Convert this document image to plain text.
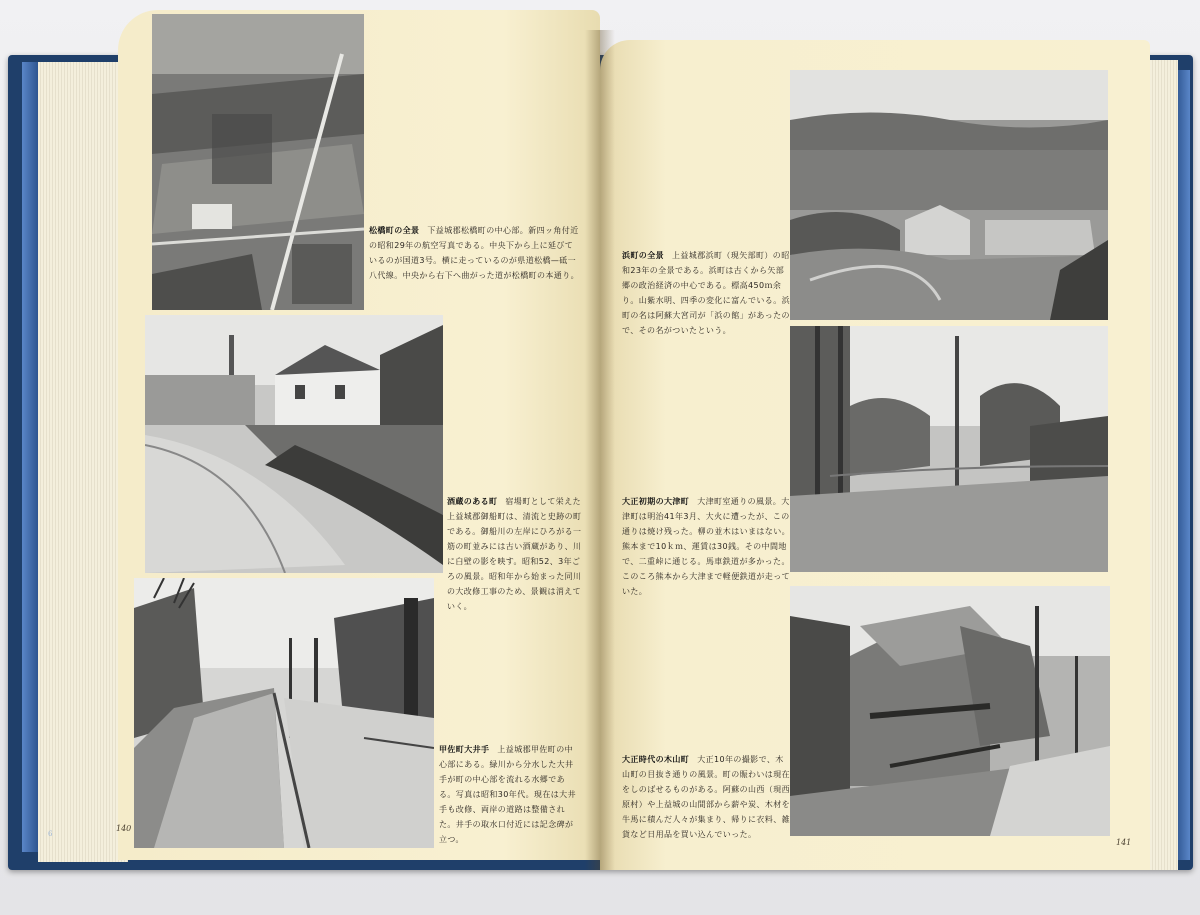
松橋町の全景 下益城郡松橋町の中心部。新四ッ角付近の昭和29年の航空写真である。中央下から上に延びているのが国道3号。横に走っているのが県道松橋—砥一八代線。中央から右下へ曲がった道が松橋町の本通り。
酒蔵のある町 宿場町として栄えた上益城郡御船町は、清流と史跡の町である。御船川の左岸にひろがる一筋の町並みには古い酒蔵があり、川に白壁の影を映す。昭和52、3年ごろの風景。昭和年から始まった同川の大改修工事のため、景観は消えていく。
甲佐町大井手 上益城郡甲佐町の中心部にある。緑川から分水した大井手が町の中心部を流れる水郷である。写真は昭和30年代。現在は大井手も改修、両岸の道路は整備された。井手の取水口付近には記念碑が立つ。
140
6
浜町の全景 上益城郡浜町（現矢部町）の昭和23年の全景である。浜町は古くから矢部郷の政治経済の中心である。標高450ｍ余り。山紫水明、四季の変化に富んでいる。浜町の名は阿蘇大宮司が「浜の館」があったので、その名がついたという。
大正初期の大津町 大津町室通りの風景。大津町は明治41年3月、大火に遭ったが、この通りは焼け残った。柳の並木はいまはない。熊本まで10ｋｍ、運賃は30銭。その中間地で、二重峠に通じる。馬車鉄道が多かった。このころ熊本から大津まで軽便鉄道が走っていた。
大正時代の木山町 大正10年の撮影で、木山町の目抜き通りの風景。町の賑わいは現在をしのばせるものがある。阿蘇の山西（現西原村）や上益城の山間部から薪や炭、木材を牛馬に積んだ人々が集まり、帰りに衣料、雑貨など日用品を買い込んでいった。
141
